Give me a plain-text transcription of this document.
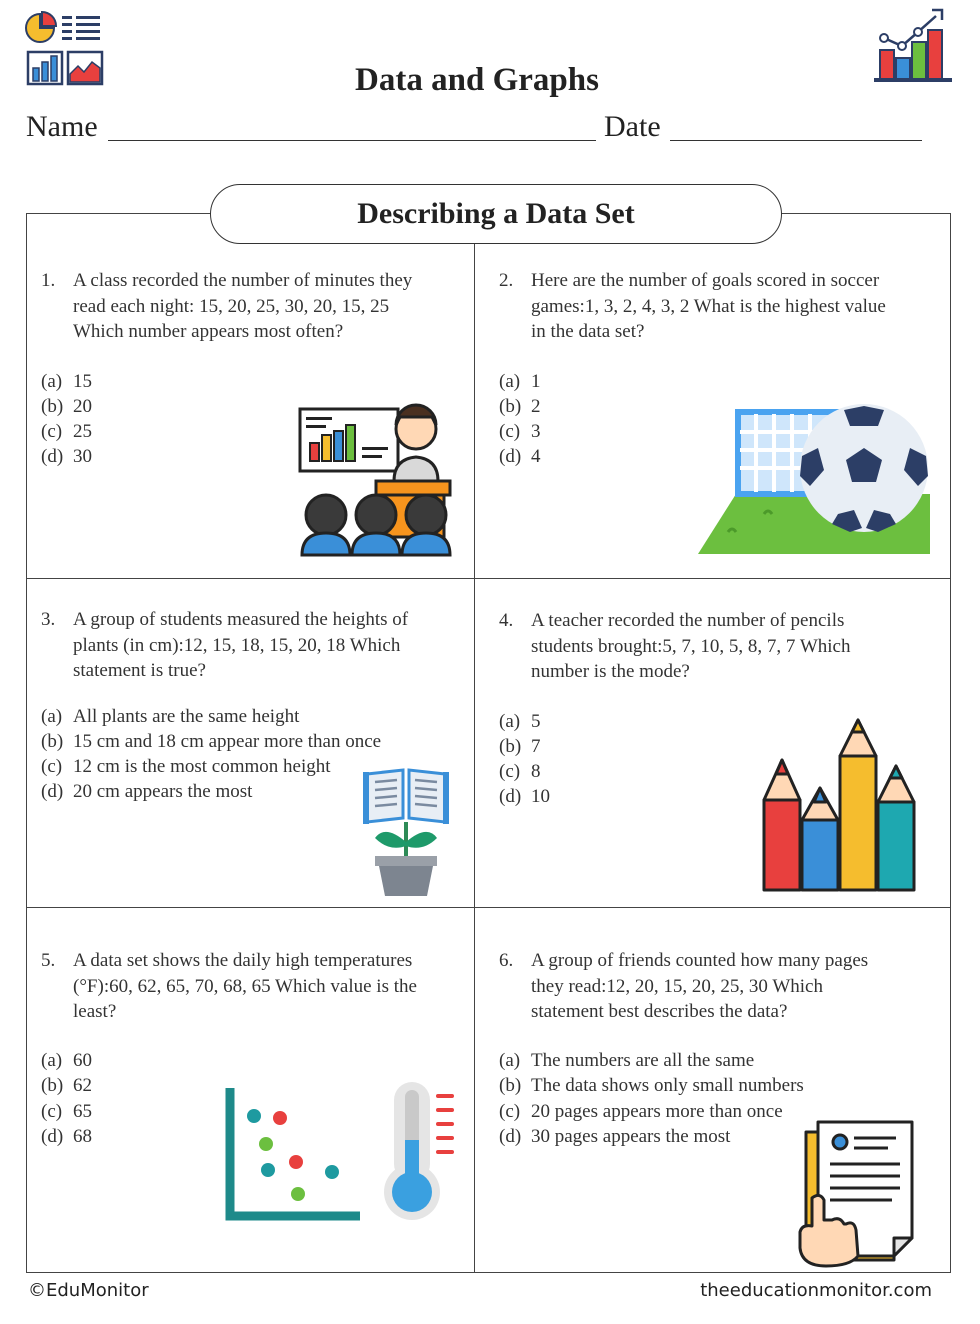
Data and Graphs
Name	Date
Describing a Data Set
1. A class recorded the number of minutes they
read each night: 15, 20, 25, 30, 20, 15, 25
Which number appears most often?
(a) 15
(b) 20
(c) 25
(d) 30
2. Here are the number of goals scored in soccer
games:1, 3, 2, 4, 3, 2 What is the highest value
in the data set?
(a) 1
(b) 2
(c) 3
(d) 4
3. A group of students measured the heights of
plants (in cm):12, 15, 18, 15, 20, 18 Which
statement is true?
(a) All plants are the same height
(b) 15 cm and 18 cm appear more than once
(c) 12 cm is the most common height
(d) 20 cm appears the most
4. A teacher recorded the number of pencils
students brought:5, 7, 10, 5, 8, 7, 7 Which
number is the mode?
(a) 5
(b) 7
(c) 8
(d) 10
5. A data set shows the daily high temperatures
(°F):60, 62, 65, 70, 68, 65 Which value is the
least?
(a) 60
(b) 62
(c) 65
(d) 68
6. A group of friends counted how many pages
they read:12, 20, 15, 20, 25, 30 Which
statement best describes the data?
(a) The numbers are all the same
(b) The data shows only small numbers
(c) 20 pages appears more than once
(d) 30 pages appears the most
©EduMonitor	theeducationmonitor.com
